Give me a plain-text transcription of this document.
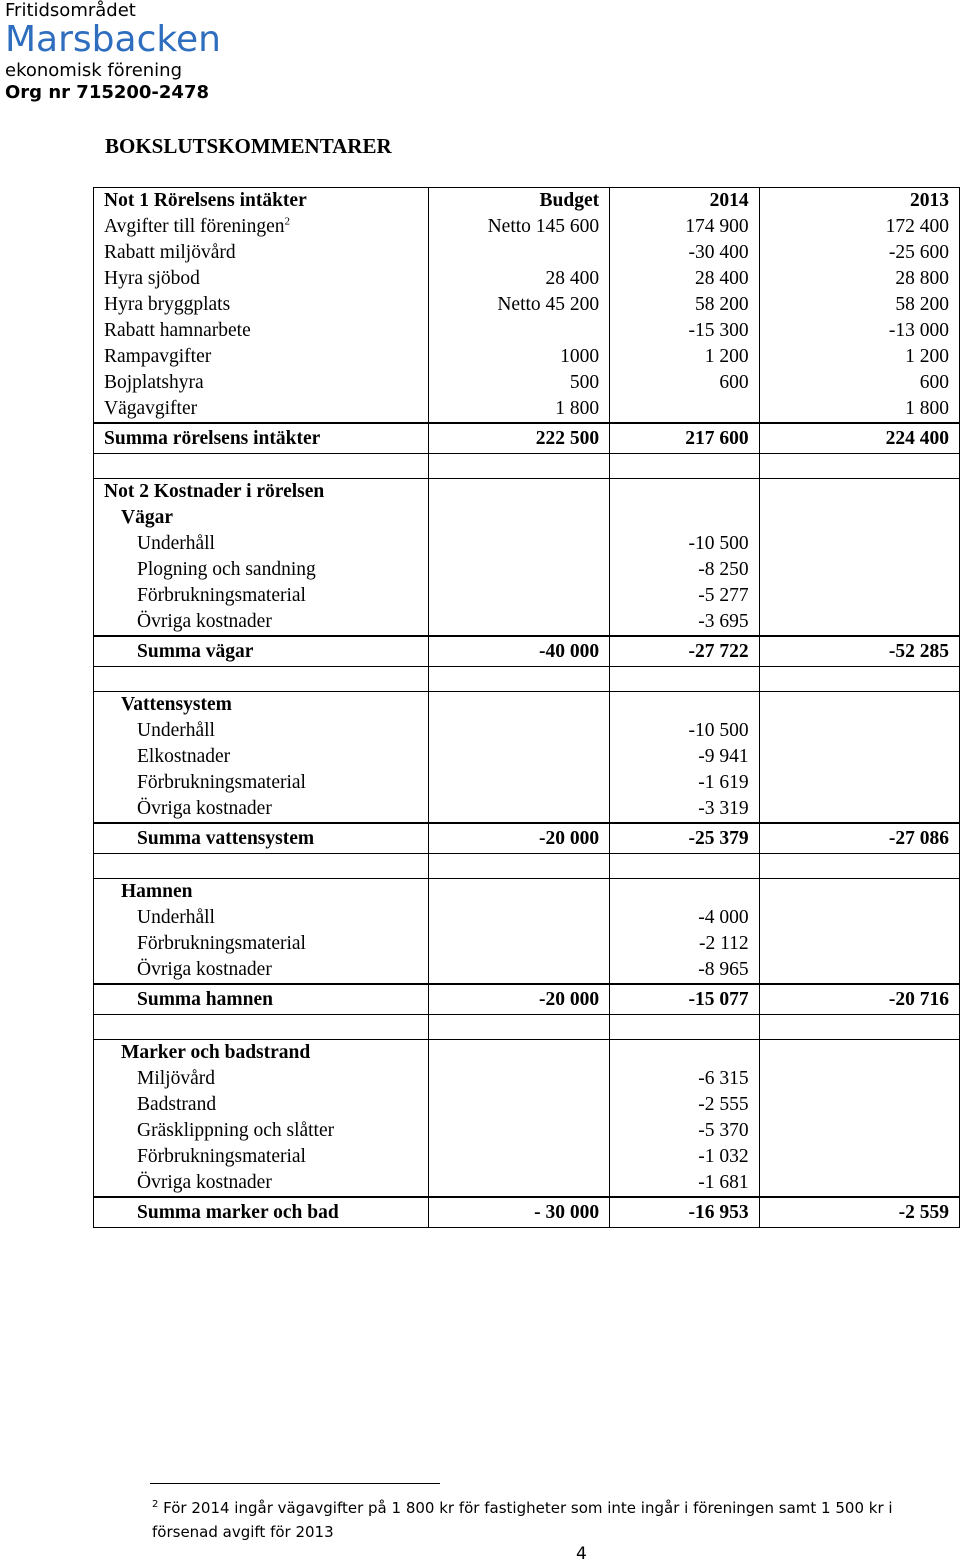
Fritidsområdet
Marsbacken
ekonomisk förening
Org nr 715200-2478
BOKSLUTSKOMMENTARER
Not 1 Rörelsens intäkter	Budget	2014	2013
Avgifter till föreningen$^2$	Netto 145 600	174 900	172 400
Rabatt miljövård		-30 400	-25 600
Hyra sjöbod	28 400	28 400	28 800
Hyra bryggplats	Netto 45 200	58 200	58 200
Rabatt hamnarbete		-15 300	-13 000
Rampavgifter	1000	1 200	1 200
Bojplatshyra	500	600	600
Vägavgifter	1 800		1 800
Summa rörelsens intäkter	222 500	217 600	224 400

Not 2 Kostnader i rörelsen			
Vägar			
Underhåll		-10 500	
Plogning och sandning		-8 250	
Förbrukningsmaterial		-5 277	
Övriga kostnader		-3 695	
Summa vägar	-40 000	-27 722	-52 285

Vattensystem			
Underhåll		-10 500	
Elkostnader		-9 941	
Förbrukningsmaterial		-1 619	
Övriga kostnader		-3 319	
Summa vattensystem	-20 000	-25 379	-27 086

Hamnen			
Underhåll		-4 000	
Förbrukningsmaterial		-2 112	
Övriga kostnader		-8 965	
Summa hamnen	-20 000	-15 077	-20 716

Marker och badstrand			
Miljövård		-6 315	
Badstrand		-2 555	
Gräsklippning och slåtter		-5 370	
Förbrukningsmaterial		-1 032	
Övriga kostnader		-1 681	
Summa marker och bad	- 30 000	-16 953	-2 559
$^2$ För 2014 ingår vägavgifter på 1 800 kr för fastigheter som inte ingår i föreningen samt 1 500 kr i försenad avgift för 2013
4
